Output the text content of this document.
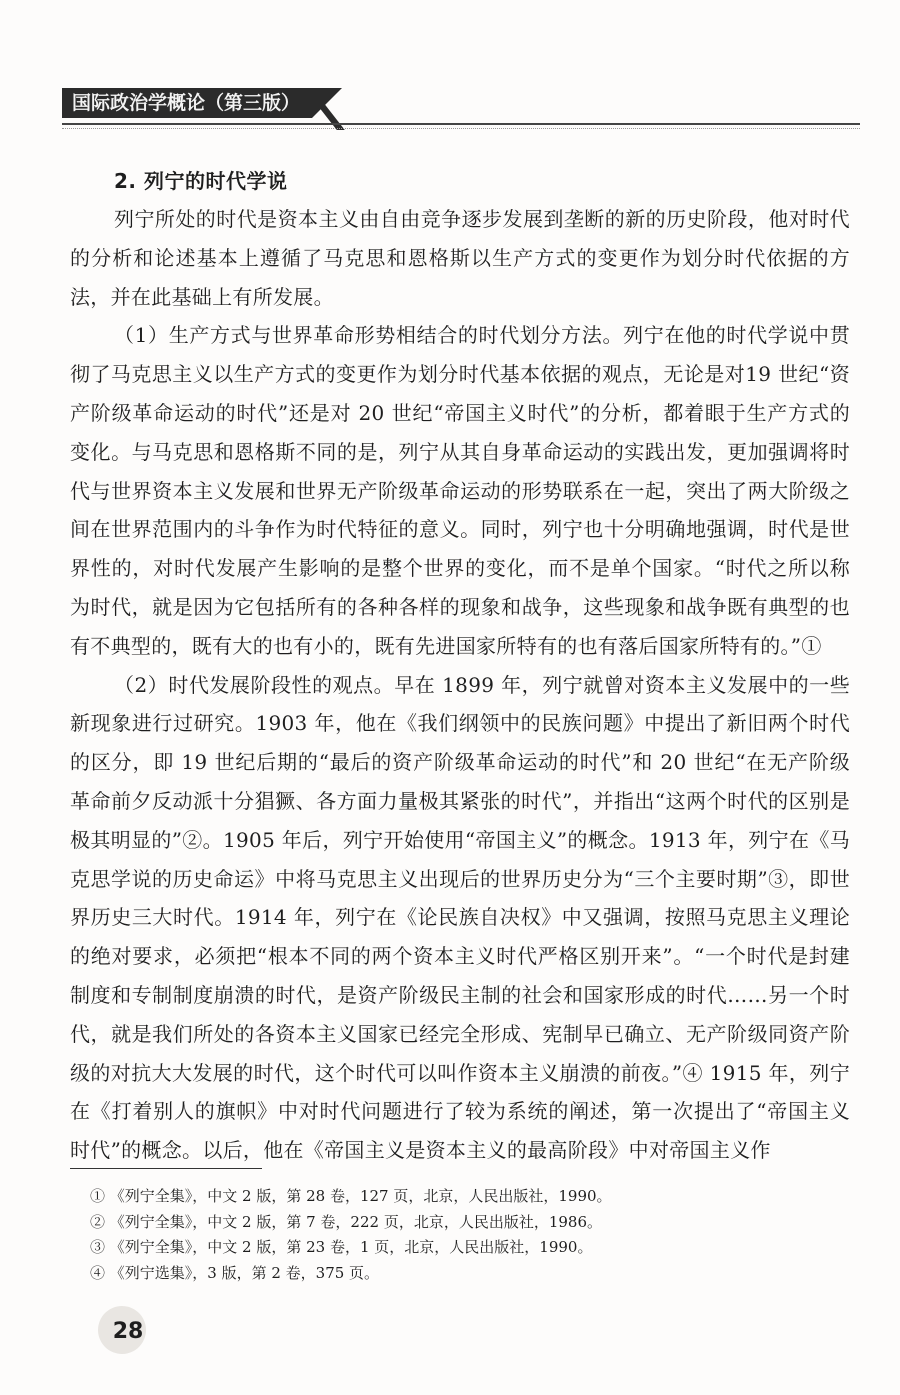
国际政治学概论（第三版）
2. 列宁的时代学说

列宁所处的时代是资本主义由自由竞争逐步发展到垄断的新的历史阶段，他对时代的分析和论述基本上遵循了马克思和恩格斯以生产方式的变更作为划分时代依据的方法，并在此基础上有所发展。

（1）生产方式与世界革命形势相结合的时代划分方法。列宁在他的时代学说中贯彻了马克思主义以生产方式的变更作为划分时代基本依据的观点，无论是对19 世纪“资产阶级革命运动的时代”还是对 20 世纪“帝国主义时代”的分析，都着眼于生产方式的变化。与马克思和恩格斯不同的是，列宁从其自身革命运动的实践出发，更加强调将时代与世界资本主义发展和世界无产阶级革命运动的形势联系在一起，突出了两大阶级之间在世界范围内的斗争作为时代特征的意义。同时，列宁也十分明确地强调，时代是世界性的，对时代发展产生影响的是整个世界的变化，而不是单个国家。“时代之所以称为时代，就是因为它包括所有的各种各样的现象和战争，这些现象和战争既有典型的也有不典型的，既有大的也有小的，既有先进国家所特有的也有落后国家所特有的。”①

（2）时代发展阶段性的观点。早在 1899 年，列宁就曾对资本主义发展中的一些新现象进行过研究。1903 年，他在《我们纲领中的民族问题》中提出了新旧两个时代的区分，即 19 世纪后期的“最后的资产阶级革命运动的时代”和 20 世纪“在无产阶级革命前夕反动派十分猖獗、各方面力量极其紧张的时代”，并指出“这两个时代的区别是极其明显的”②。1905 年后，列宁开始使用“帝国主义”的概念。1913 年，列宁在《马克思学说的历史命运》中将马克思主义出现后的世界历史分为“三个主要时期”③，即世界历史三大时代。1914 年，列宁在《论民族自决权》中又强调，按照马克思主义理论的绝对要求，必须把“根本不同的两个资本主义时代严格区别开来”。“一个时代是封建制度和专制制度崩溃的时代，是资产阶级民主制的社会和国家形成的时代……另一个时代，就是我们所处的各资本主义国家已经完全形成、宪制早已确立、无产阶级同资产阶级的对抗大大发展的时代，这个时代可以叫作资本主义崩溃的前夜。”④ 1915 年，列宁在《打着别人的旗帜》中对时代问题进行了较为系统的阐述，第一次提出了“帝国主义时代”的概念。以后，他在《帝国主义是资本主义的最高阶段》中对帝国主义作

① 《列宁全集》，中文 2 版，第 28 卷，127 页，北京，人民出版社，1990。
② 《列宁全集》，中文 2 版，第 7 卷，222 页，北京，人民出版社，1986。
③ 《列宁全集》，中文 2 版，第 23 卷，1 页，北京，人民出版社，1990。
④ 《列宁选集》，3 版，第 2 卷，375 页。
28
